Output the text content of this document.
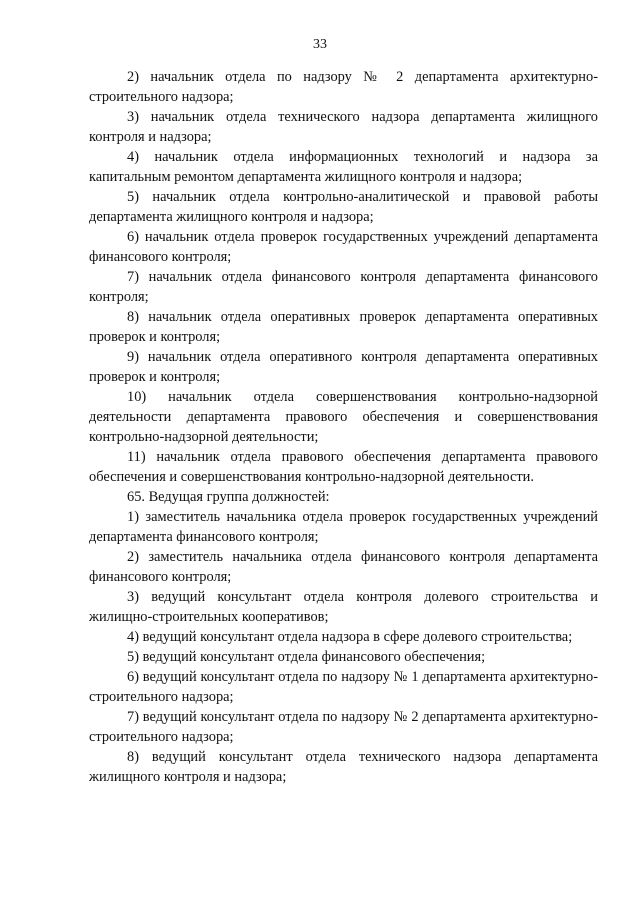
33

2) начальник отдела по надзору № 2 департамента архитектурно-строительного надзора;

3) начальник отдела технического надзора департамента жилищного контроля и надзора;

4) начальник отдела информационных технологий и надзора за капитальным ремонтом департамента жилищного контроля и надзора;

5) начальник отдела контрольно-аналитической и правовой работы департамента жилищного контроля и надзора;

6) начальник отдела проверок государственных учреждений департамента финансового контроля;

7) начальник отдела финансового контроля департамента финансового контроля;

8) начальник отдела оперативных проверок департамента оперативных проверок и контроля;

9) начальник отдела оперативного контроля департамента оперативных проверок и контроля;

10) начальник отдела совершенствования контрольно-надзорной деятельности департамента правового обеспечения и совершенствования контрольно-надзорной деятельности;

11) начальник отдела правового обеспечения департамента правового обеспечения и совершенствования контрольно-надзорной деятельности.

65. Ведущая группа должностей:

1) заместитель начальника отдела проверок государственных учреждений департамента финансового контроля;

2) заместитель начальника отдела финансового контроля департамента финансового контроля;

3) ведущий консультант отдела контроля долевого строительства и жилищно-строительных кооперативов;

4) ведущий консультант отдела надзора в сфере долевого строительства;

5) ведущий консультант отдела финансового обеспечения;

6) ведущий консультант отдела по надзору № 1 департамента архитектурно-строительного надзора;

7) ведущий консультант отдела по надзору № 2 департамента архитектурно-строительного надзора;

8) ведущий консультант отдела технического надзора департамента жилищного контроля и надзора;
